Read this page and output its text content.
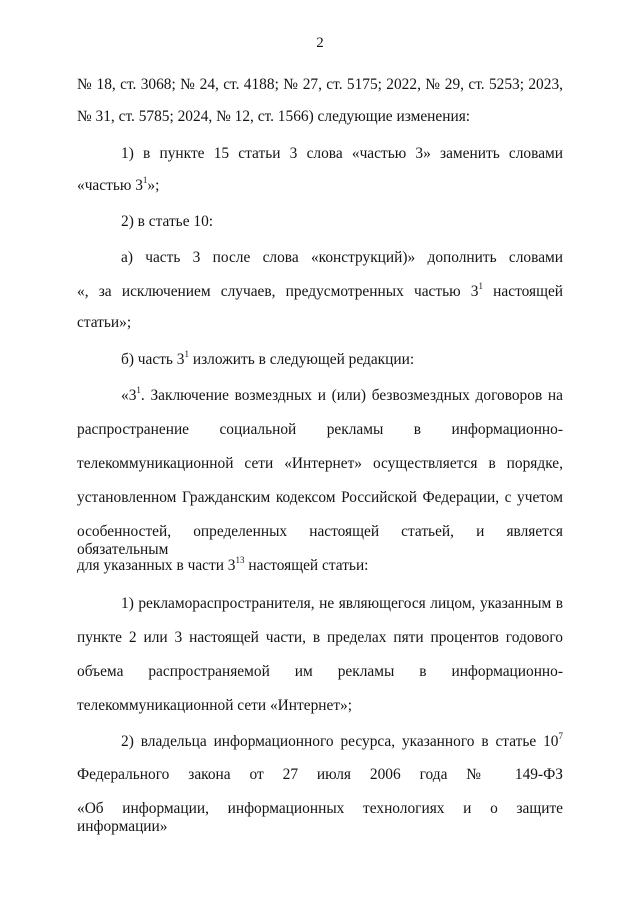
2
№ 18, ст. 3068; № 24, ст. 4188; № 27, ст. 5175; 2022, № 29, ст. 5253; 2023,
№ 31, ст. 5785; 2024, № 12, ст. 1566) следующие изменения:
1) в пункте 15 статьи 3 слова «частью 3» заменить словами
«частью $3^1$»;
2) в статье 10:
а) часть 3 после слова «конструкций)» дополнить словами
«, за исключением случаев, предусмотренных частью $3^1$ настоящей
статьи»;
б) часть $3^1$ изложить в следующей редакции:
«$3^1$. Заключение возмездных и (или) безвозмездных договоров на
распространение социальной рекламы в информационно-
телекоммуникационной сети «Интернет» осуществляется в порядке,
установленном Гражданским кодексом Российской Федерации, с учетом
особенностей, определенных настоящей статьей, и является обязательным
для указанных в части $3^{13}$ настоящей статьи:
1) рекламораспространителя, не являющегося лицом, указанным в
пункте 2 или 3 настоящей части, в пределах пяти процентов годового
объема распространяемой им рекламы в информационно-
телекоммуникационной сети «Интернет»;
2) владельца информационного ресурса, указанного в статье $10^7$
Федерального закона от 27 июля 2006 года № 149-ФЗ
«Об информации, информационных технологиях и о защите информации»
